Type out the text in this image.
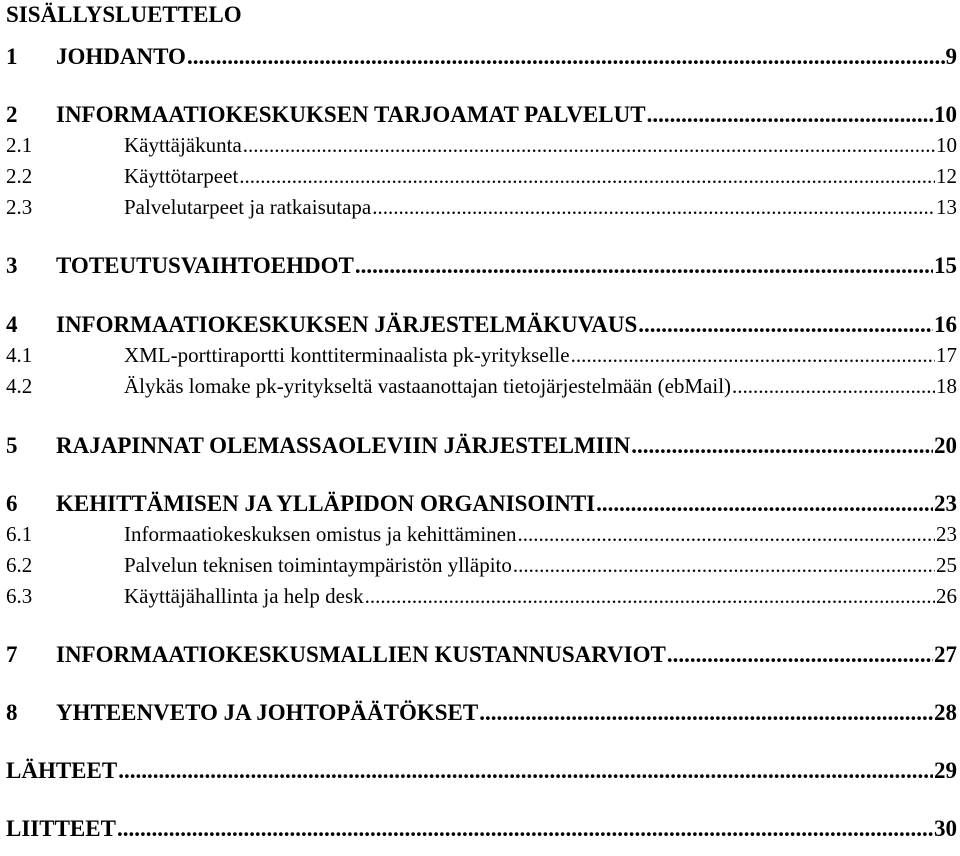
SISÄLLYSLUETTELO
1	JOHDANTO .....	9
2	INFORMAATIOKESKUKSEN TARJOAMAT PALVELUT .....	10
2.1	Käyttäjäkunta .....	10
2.2	Käyttötarpeet .....	12
2.3	Palvelutarpeet ja ratkaisutapa .....	13
3	TOTEUTUSVAIHTOEHDOT .....	15
4	INFORMAATIOKESKUKSEN JÄRJESTELMÄKUVAUS .....	16
4.1	XML-porttiraportti konttiterminaalista pk-yritykselle .....	17
4.2	Älykäs lomake pk-yritykseltä vastaanottajan tietojärjestelmään (ebMail) .....	18
5	RAJAPINNAT OLEMASSAOLEVIIN JÄRJESTELMIIN .....	20
6	KEHITTÄMISEN JA YLLÄPIDON ORGANISOINTI .....	23
6.1	Informaatiokeskuksen omistus ja kehittäminen .....	23
6.2	Palvelun teknisen toimintaympäristön ylläpito .....	25
6.3	Käyttäjähallinta ja help desk .....	26
7	INFORMAATIOKESKUSMALLIEN KUSTANNUSARVIOT .....	27
8	YHTEENVETO JA JOHTOPÄÄTÖKSET .....	28
LÄHTEET .....	29
LIITTEET .....	30
